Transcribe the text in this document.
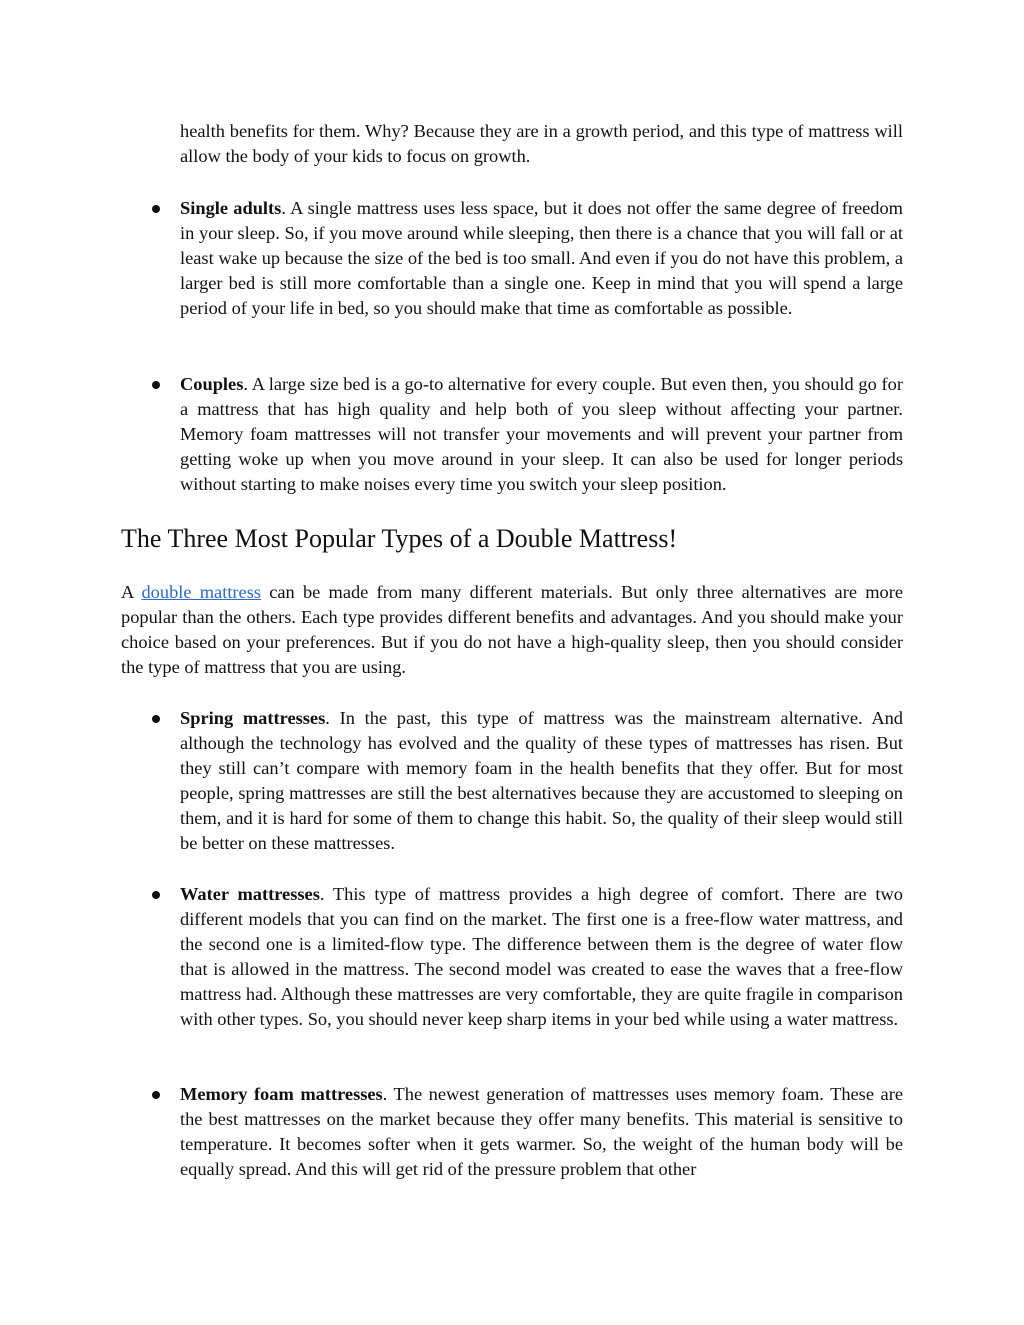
health benefits for them. Why? Because they are in a growth period, and this type of mattress will allow the body of your kids to focus on growth.

Single adults. A single mattress uses less space, but it does not offer the same degree of freedom in your sleep. So, if you move around while sleeping, then there is a chance that you will fall or at least wake up because the size of the bed is too small. And even if you do not have this problem, a larger bed is still more comfortable than a single one. Keep in mind that you will spend a large period of your life in bed, so you should make that time as comfortable as possible.

Couples. A large size bed is a go-to alternative for every couple. But even then, you should go for a mattress that has high quality and help both of you sleep without affecting your partner. Memory foam mattresses will not transfer your movements and will prevent your partner from getting woke up when you move around in your sleep. It can also be used for longer periods without starting to make noises every time you switch your sleep position.

The Three Most Popular Types of a Double Mattress!

A double mattress can be made from many different materials. But only three alternatives are more popular than the others. Each type provides different benefits and advantages. And you should make your choice based on your preferences. But if you do not have a high-quality sleep, then you should consider the type of mattress that you are using.

Spring mattresses. In the past, this type of mattress was the mainstream alternative. And although the technology has evolved and the quality of these types of mattresses has risen. But they still can’t compare with memory foam in the health benefits that they offer. But for most people, spring mattresses are still the best alternatives because they are accustomed to sleeping on them, and it is hard for some of them to change this habit. So, the quality of their sleep would still be better on these mattresses.

Water mattresses. This type of mattress provides a high degree of comfort. There are two different models that you can find on the market. The first one is a free-flow water mattress, and the second one is a limited-flow type. The difference between them is the degree of water flow that is allowed in the mattress. The second model was created to ease the waves that a free-flow mattress had. Although these mattresses are very comfortable, they are quite fragile in comparison with other types. So, you should never keep sharp items in your bed while using a water mattress.

Memory foam mattresses. The newest generation of mattresses uses memory foam. These are the best mattresses on the market because they offer many benefits. This material is sensitive to temperature. It becomes softer when it gets warmer. So, the weight of the human body will be equally spread. And this will get rid of the pressure problem that other
